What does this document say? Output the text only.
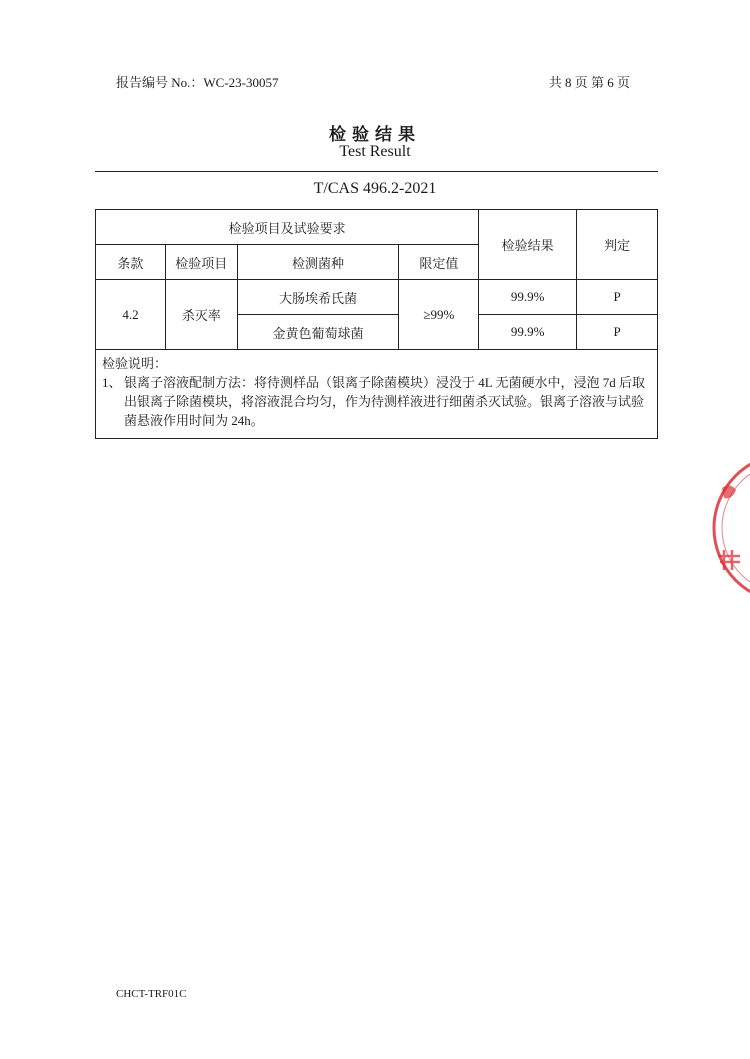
报告编号 No.：WC-23-30057	共 8 页 第 6 页
检验结果
Test Result
T/CAS 496.2-2021
检验项目及试验要求				检验结果	判定
条款	检验项目	检测菌种	限定值		
4.2	杀灭率	大肠埃希氏菌	≥99%	99.9%	P
		金黄色葡萄球菌		99.9%	P

检验说明：
1、 银离子溶液配制方法：将待测样品（银离子除菌模块）浸没于 4L 无菌硬水中，浸泡 7d 后取出银离子除菌模块，将溶液混合均匀，作为待测样液进行细菌杀灭试验。银离子溶液与试验菌悬液作用时间为 24h。					
CHCT-TRF01C
